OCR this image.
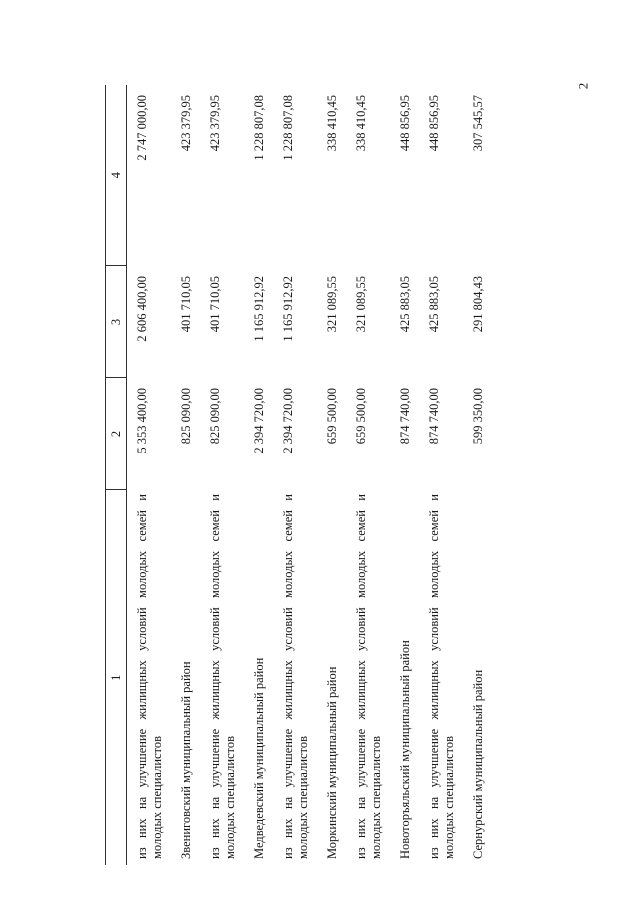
2
1	2	3	4
из них на улучшение жилищных условий молодых семей и молодых специалистов	5 353 400,00	2 606 400,00	2 747 000,00
Звениговский муниципальный район	825 090,00	401 710,05	423 379,95
из них на улучшение жилищных условий молодых семей и молодых специалистов	825 090,00	401 710,05	423 379,95
Медведевский муниципальный район	2 394 720,00	1 165 912,92	1 228 807,08
из них на улучшение жилищных условий молодых семей и молодых специалистов	2 394 720,00	1 165 912,92	1 228 807,08
Моркинский муниципальный район	659 500,00	321 089,55	338 410,45
из них на улучшение жилищных условий молодых семей и молодых специалистов	659 500,00	321 089,55	338 410,45
Новоторъяльский муниципальный район	874 740,00	425 883,05	448 856,95
из них на улучшение жилищных условий молодых семей и молодых специалистов	874 740,00	425 883,05	448 856,95
Сернурский муниципальный район	599 350,00	291 804,43	307 545,57
